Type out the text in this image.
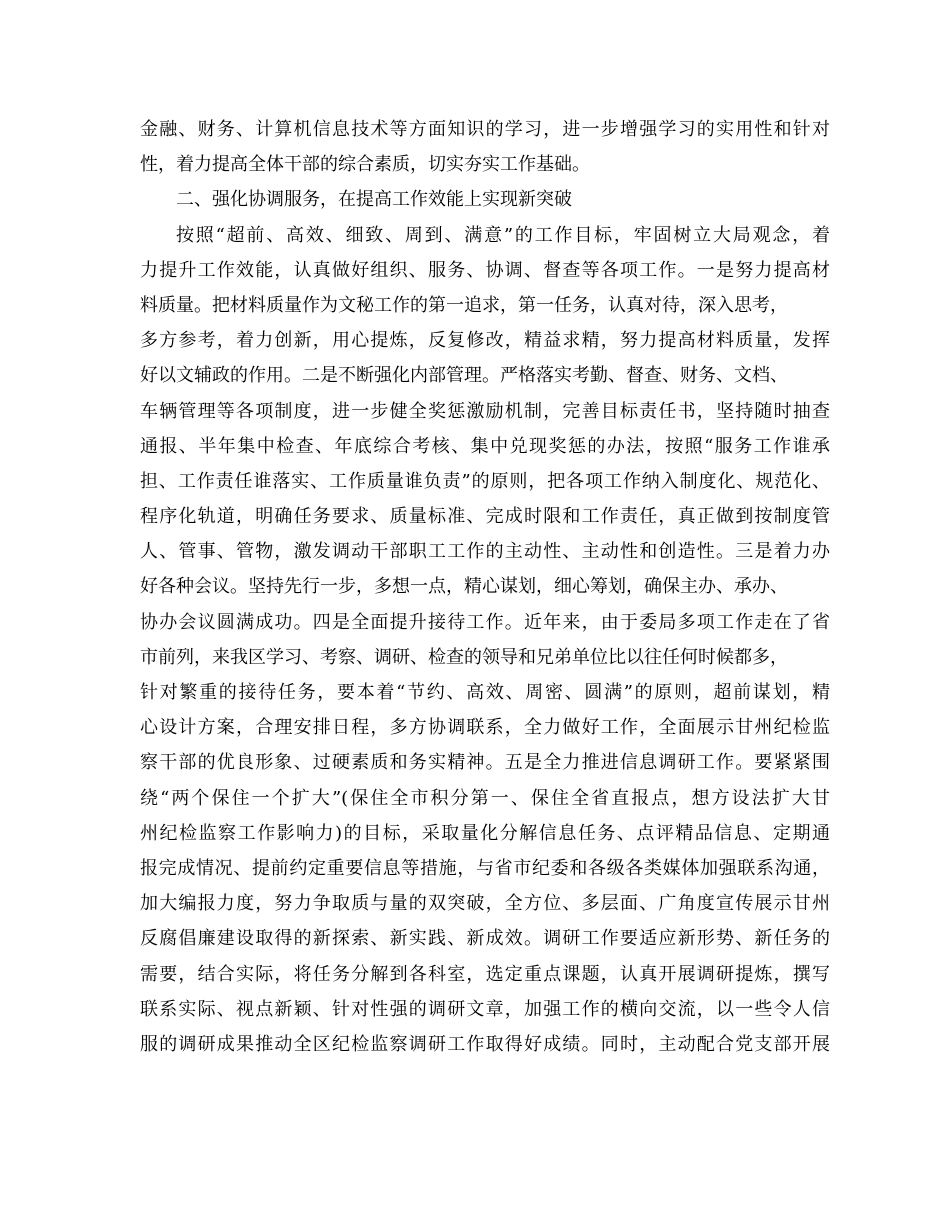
金融、财务、计算机信息技术等方面知识的学习，进一步增强学习的实用性和针对
性，着力提高全体干部的综合素质，切实夯实工作基础。
二、强化协调服务，在提高工作效能上实现新突破
按照“超前、高效、细致、周到、满意”的工作目标，牢固树立大局观念，着
力提升工作效能，认真做好组织、服务、协调、督查等各项工作。一是努力提高材
料质量。把材料质量作为文秘工作的第一追求，第一任务，认真对待，深入思考，
多方参考，着力创新，用心提炼，反复修改，精益求精，努力提高材料质量，发挥
好以文辅政的作用。二是不断强化内部管理。严格落实考勤、督查、财务、文档、
车辆管理等各项制度，进一步健全奖惩激励机制，完善目标责任书，坚持随时抽查
通报、半年集中检查、年底综合考核、集中兑现奖惩的办法，按照“服务工作谁承
担、工作责任谁落实、工作质量谁负责”的原则，把各项工作纳入制度化、规范化、
程序化轨道，明确任务要求、质量标准、完成时限和工作责任，真正做到按制度管
人、管事、管物，激发调动干部职工工作的主动性、主动性和创造性。三是着力办
好各种会议。坚持先行一步，多想一点，精心谋划，细心筹划，确保主办、承办、
协办会议圆满成功。四是全面提升接待工作。近年来，由于委局多项工作走在了省
市前列，来我区学习、考察、调研、检查的领导和兄弟单位比以往任何时候都多，
针对繁重的接待任务，要本着“节约、高效、周密、圆满”的原则，超前谋划，精
心设计方案，合理安排日程，多方协调联系，全力做好工作，全面展示甘州纪检监
察干部的优良形象、过硬素质和务实精神。五是全力推进信息调研工作。要紧紧围
绕“两个保住一个扩大”(保住全市积分第一、保住全省直报点，想方设法扩大甘
州纪检监察工作影响力)的目标，采取量化分解信息任务、点评精品信息、定期通
报完成情况、提前约定重要信息等措施，与省市纪委和各级各类媒体加强联系沟通，
加大编报力度，努力争取质与量的双突破，全方位、多层面、广角度宣传展示甘州
反腐倡廉建设取得的新探索、新实践、新成效。调研工作要适应新形势、新任务的
需要，结合实际，将任务分解到各科室，选定重点课题，认真开展调研提炼，撰写
联系实际、视点新颖、针对性强的调研文章，加强工作的横向交流，以一些令人信
服的调研成果推动全区纪检监察调研工作取得好成绩。同时，主动配合党支部开展
